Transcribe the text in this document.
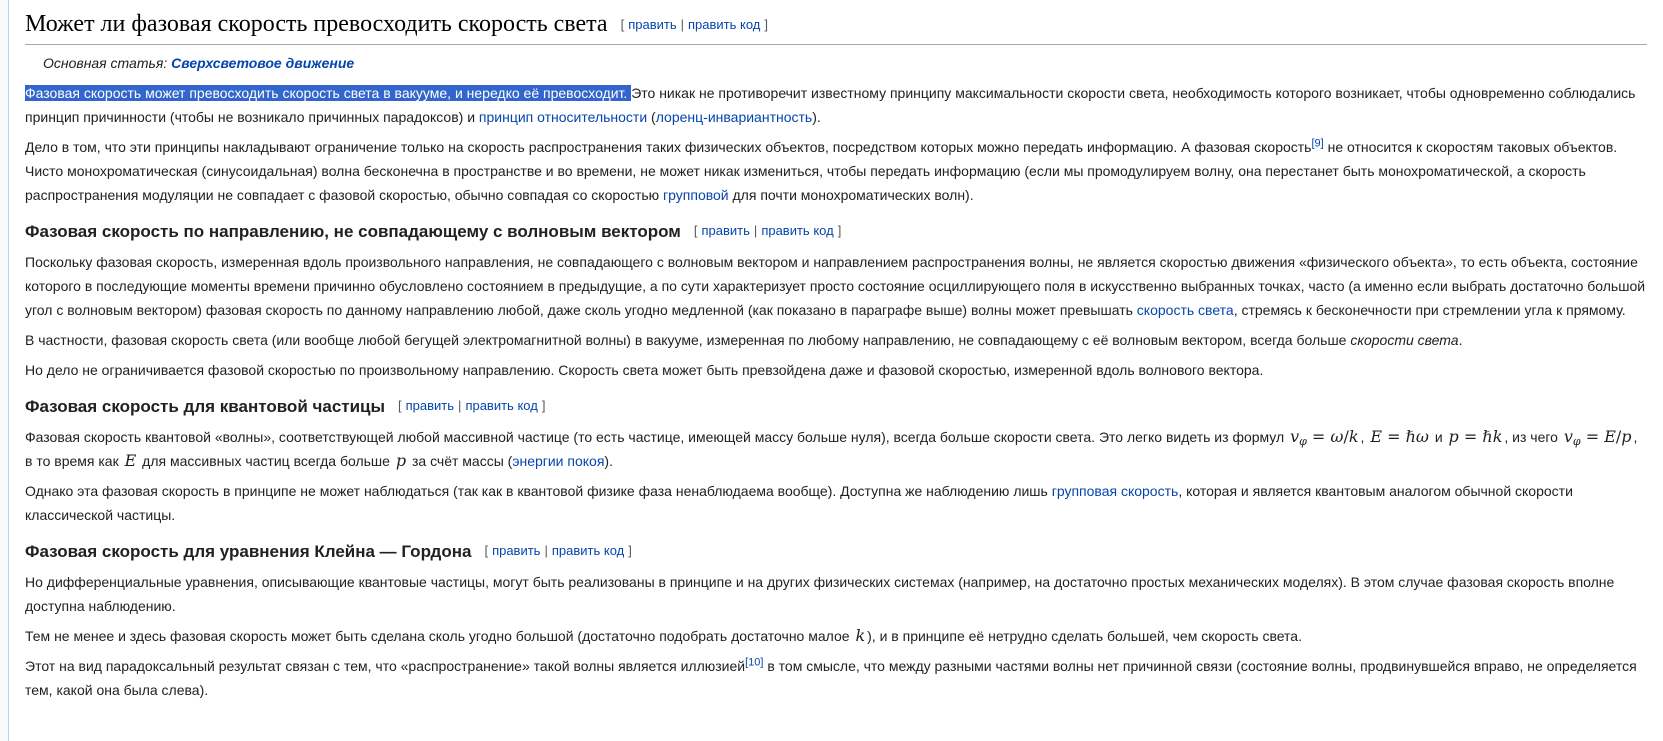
Может ли фазовая скорость превосходить скорость света [ править | править код ]
Основная статья: Сверхсветовое движение

Фазовая скорость может превосходить скорость света в вакууме, и нередко её превосходит. Это никак не противоречит известному принципу максимальности скорости света, необходимость которого возникает, чтобы одновременно соблюдались принцип причинности (чтобы не возникало причинных парадоксов) и принцип относительности (лоренц-инвариантность).

Дело в том, что эти принципы накладывают ограничение только на скорость распространения таких физических объектов, посредством которых можно передать информацию. А фазовая скорость[9] не относится к скоростям таковых объектов. Чисто монохроматическая (синусоидальная) волна бесконечна в пространстве и во времени, не может никак измениться, чтобы передать информацию (если мы промодулируем волну, она перестанет быть монохроматической, а скорость распространения модуляции не совпадает с фазовой скоростью, обычно совпадая со скоростью групповой для почти монохроматических волн).

Фазовая скорость по направлению, не совпадающему с волновым вектором [ править | править код ]

Поскольку фазовая скорость, измеренная вдоль произвольного направления, не совпадающего с волновым вектором и направлением распространения волны, не является скоростью движения «физического объекта», то есть объекта, состояние которого в последующие моменты времени причинно обусловлено состоянием в предыдущие, а по сути характеризует просто состояние осциллирующего поля в искусственно выбранных точках, часто (а именно если выбрать достаточно большой угол с волновым вектором) фазовая скорость по данному направлению любой, даже сколь угодно медленной (как показано в параграфе выше) волны может превышать скорость света, стремясь к бесконечности при стремлении угла к прямому.

В частности, фазовая скорость света (или вообще любой бегущей электромагнитной волны) в вакууме, измеренная по любому направлению, не совпадающему с её волновым вектором, всегда больше скорости света.

Но дело не ограничивается фазовой скоростью по произвольному направлению. Скорость света может быть превзойдена даже и фазовой скоростью, измеренной вдоль волнового вектора.

Фазовая скорость для квантовой частицы [ править | править код ]

Фазовая скорость квантовой «волны», соответствующей любой массивной частице (то есть частице, имеющей массу больше нуля), всегда больше скорости света. Это легко видеть из формул $v_\varphi = \omega/k$ , E = ℏω и p = ℏk , из чего $v_\varphi = E/p$ , в то время как E для массивных частиц всегда больше p за счёт массы (энергии покоя).

Однако эта фазовая скорость в принципе не может наблюдаться (так как в квантовой физике фаза ненаблюдаема вообще). Доступна же наблюдению лишь групповая скорость, которая и является квантовым аналогом обычной скорости классической частицы.

Фазовая скорость для уравнения Клейна — Гордона [ править | править код ]

Но дифференциальные уравнения, описывающие квантовые частицы, могут быть реализованы в принципе и на других физических системах (например, на достаточно простых механических моделях). В этом случае фазовая скорость вполне доступна наблюдению.

Тем не менее и здесь фазовая скорость может быть сделана сколь угодно большой (достаточно подобрать достаточно малое k ), и в принципе её нетрудно сделать большей, чем скорость света.

Этот на вид парадоксальный результат связан с тем, что «распространение» такой волны является иллюзией[10] в том смысле, что между разными частями волны нет причинной связи (состояние волны, продвинувшейся вправо, не определяется тем, какой она была слева).
